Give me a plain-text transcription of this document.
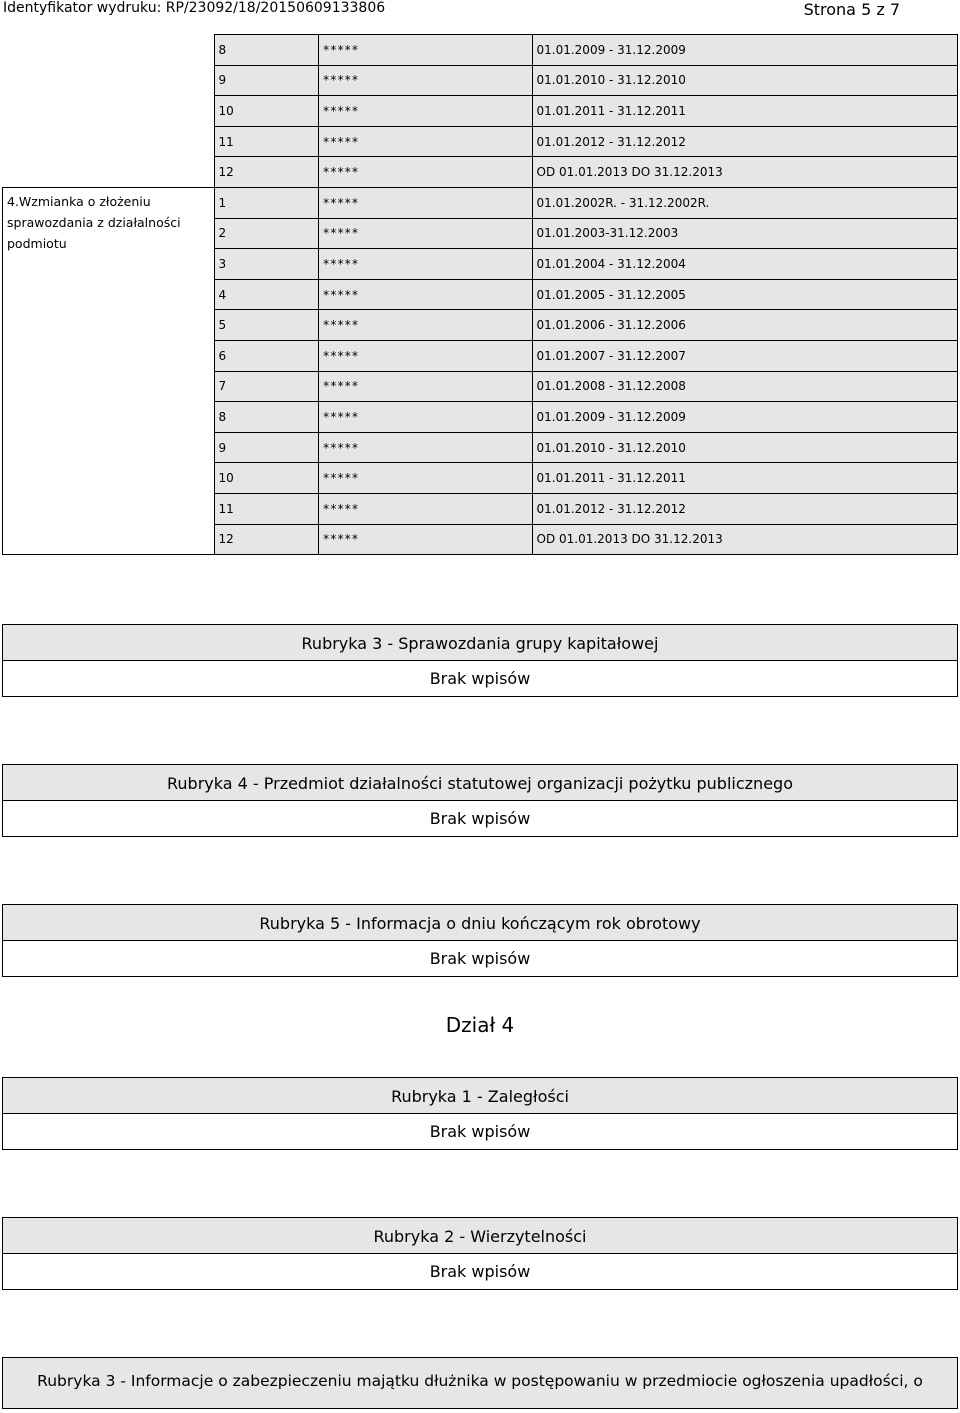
Identyfikator wydruku: RP/23092/18/20150609133806	Strona 5 z 7
	8	*****	01.01.2009 - 31.12.2009
	9	*****	01.01.2010 - 31.12.2010
	10	*****	01.01.2011 - 31.12.2011
	11	*****	01.01.2012 - 31.12.2012
	12	*****	OD 01.01.2013 DO 31.12.2013
4.Wzmianka o złożeniu sprawozdania z działalności podmiotu	1	*****	01.01.2002R. - 31.12.2002R.
	2	*****	01.01.2003-31.12.2003
	3	*****	01.01.2004 - 31.12.2004
	4	*****	01.01.2005 - 31.12.2005
	5	*****	01.01.2006 - 31.12.2006
	6	*****	01.01.2007 - 31.12.2007
	7	*****	01.01.2008 - 31.12.2008
	8	*****	01.01.2009 - 31.12.2009
	9	*****	01.01.2010 - 31.12.2010
	10	*****	01.01.2011 - 31.12.2011
	11	*****	01.01.2012 - 31.12.2012
	12	*****	OD 01.01.2013 DO 31.12.2013
Rubryka 3 - Sprawozdania grupy kapitałowej
Brak wpisów
Rubryka 4 - Przedmiot działalności statutowej organizacji pożytku publicznego
Brak wpisów
Rubryka 5 - Informacja o dniu kończącym rok obrotowy
Brak wpisów
Dział 4
Rubryka 1 - Zaległości
Brak wpisów
Rubryka 2 - Wierzytelności
Brak wpisów
Rubryka 3 - Informacje o zabezpieczeniu majątku dłużnika w postępowaniu w przedmiocie ogłoszenia upadłości, o
